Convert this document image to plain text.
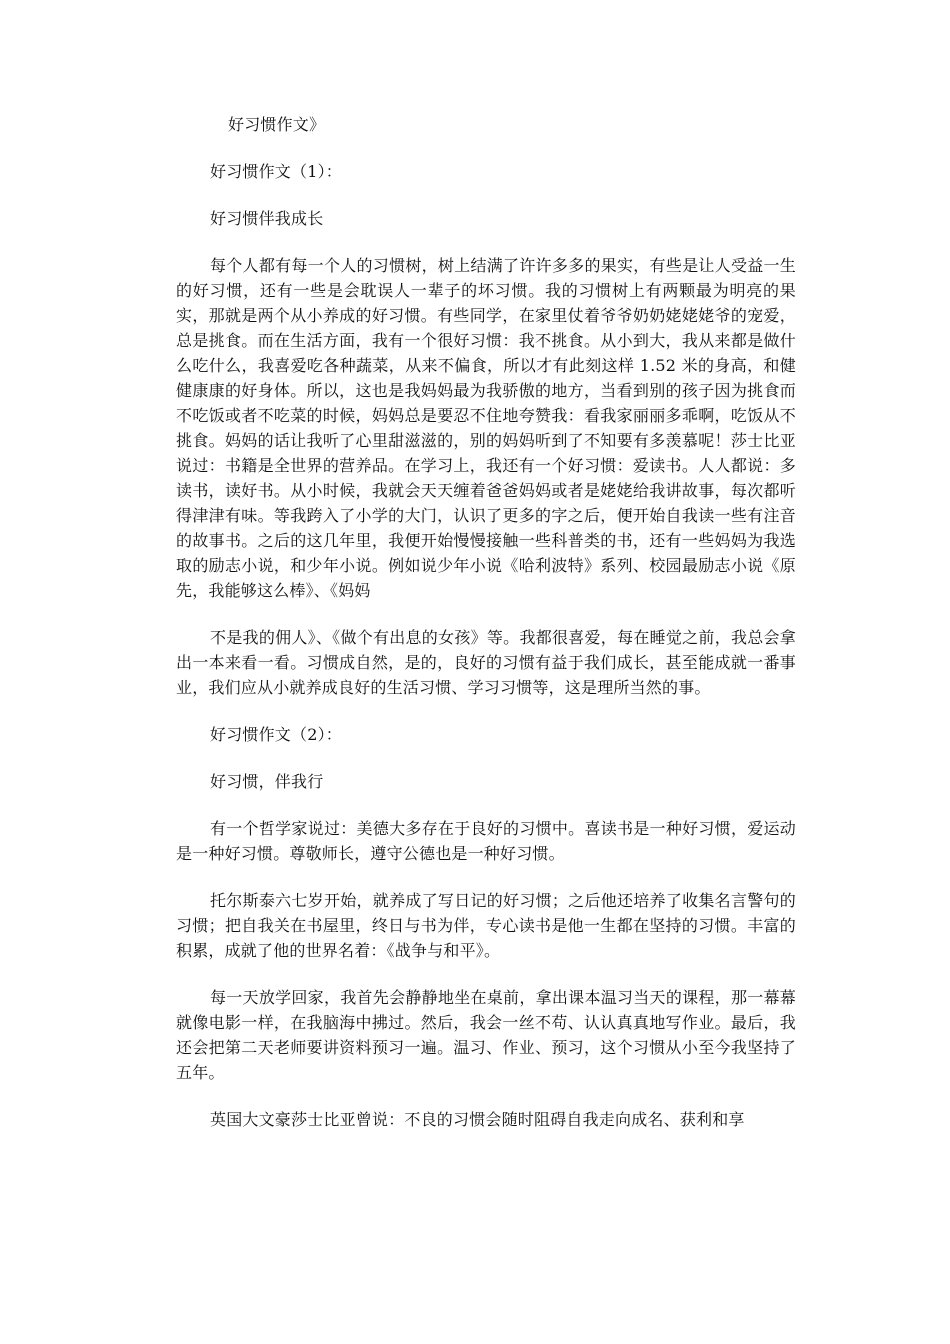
好习惯作文》

好习惯作文（1）：

好习惯伴我成长

每个人都有每一个人的习惯树，树上结满了许许多多的果实，有些是让人受益一生的好习惯，还有一些是会耽误人一辈子的坏习惯。我的习惯树上有两颗最为明亮的果实，那就是两个从小养成的好习惯。有些同学，在家里仗着爷爷奶奶姥姥姥爷的宠爱，总是挑食。而在生活方面，我有一个很好习惯：我不挑食。从小到大，我从来都是做什么吃什么，我喜爱吃各种蔬菜，从来不偏食，所以才有此刻这样 1.52 米的身高，和健健康康的好身体。所以，这也是我妈妈最为我骄傲的地方，当看到别的孩子因为挑食而不吃饭或者不吃菜的时候，妈妈总是要忍不住地夸赞我：看我家丽丽多乖啊，吃饭从不挑食。妈妈的话让我听了心里甜滋滋的，别的妈妈听到了不知要有多羡慕呢！莎士比亚说过：书籍是全世界的营养品。在学习上，我还有一个好习惯：爱读书。人人都说：多读书，读好书。从小时候，我就会天天缠着爸爸妈妈或者是姥姥给我讲故事，每次都听得津津有味。等我跨入了小学的大门，认识了更多的字之后，便开始自我读一些有注音的故事书。之后的这几年里，我便开始慢慢接触一些科普类的书，还有一些妈妈为我选取的励志小说，和少年小说。例如说少年小说《哈利波特》系列、校园最励志小说《原先，我能够这么棒》、《妈妈

不是我的佣人》、《做个有出息的女孩》等。我都很喜爱，每在睡觉之前，我总会拿出一本来看一看。习惯成自然，是的，良好的习惯有益于我们成长，甚至能成就一番事业，我们应从小就养成良好的生活习惯、学习习惯等，这是理所当然的事。

好习惯作文（2）：

好习惯，伴我行

有一个哲学家说过：美德大多存在于良好的习惯中。喜读书是一种好习惯，爱运动是一种好习惯。尊敬师长，遵守公德也是一种好习惯。

托尔斯泰六七岁开始，就养成了写日记的好习惯；之后他还培养了收集名言警句的习惯；把自我关在书屋里，终日与书为伴，专心读书是他一生都在坚持的习惯。丰富的积累，成就了他的世界名着：《战争与和平》。

每一天放学回家，我首先会静静地坐在桌前，拿出课本温习当天的课程，那一幕幕就像电影一样，在我脑海中拂过。然后，我会一丝不苟、认认真真地写作业。最后，我还会把第二天老师要讲资料预习一遍。温习、作业、预习，这个习惯从小至今我坚持了五年。

英国大文豪莎士比亚曾说：不良的习惯会随时阻碍自我走向成名、获利和享
